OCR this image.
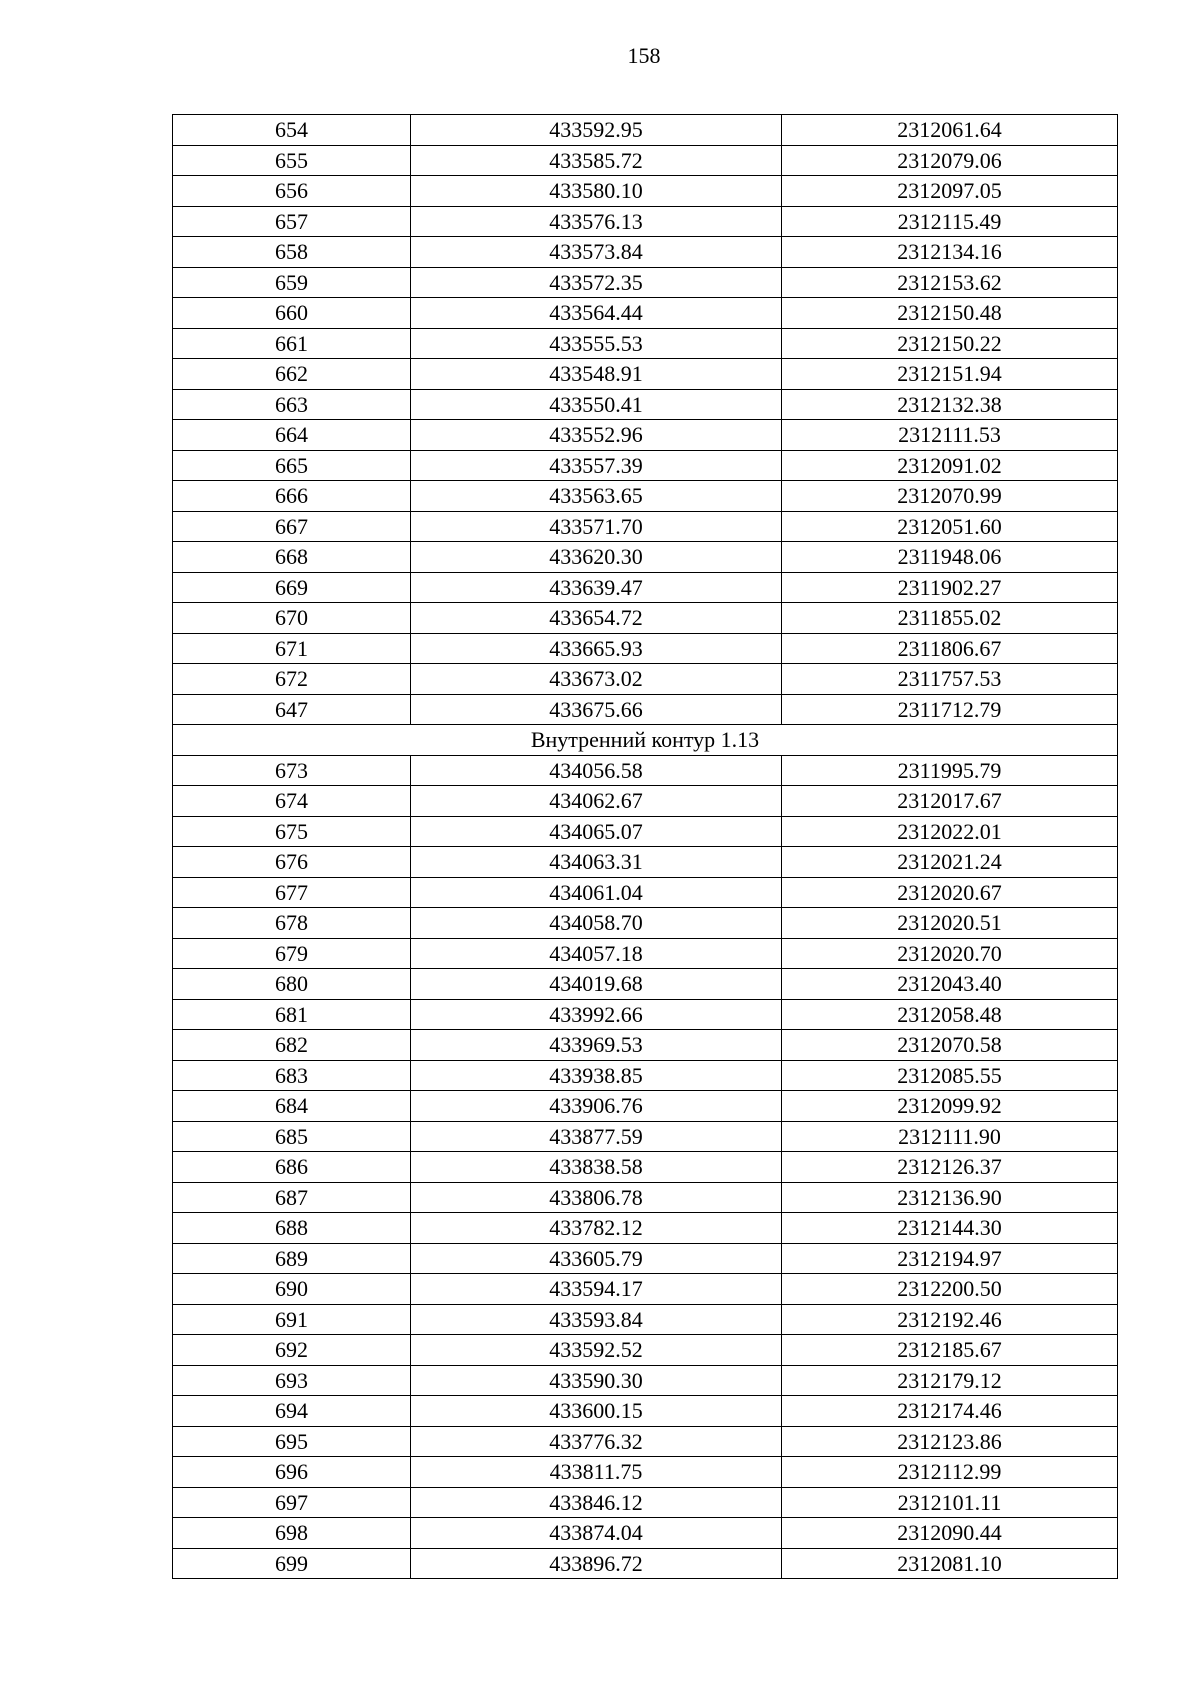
158
654	433592.95	2312061.64
655	433585.72	2312079.06
656	433580.10	2312097.05
657	433576.13	2312115.49
658	433573.84	2312134.16
659	433572.35	2312153.62
660	433564.44	2312150.48
661	433555.53	2312150.22
662	433548.91	2312151.94
663	433550.41	2312132.38
664	433552.96	2312111.53
665	433557.39	2312091.02
666	433563.65	2312070.99
667	433571.70	2312051.60
668	433620.30	2311948.06
669	433639.47	2311902.27
670	433654.72	2311855.02
671	433665.93	2311806.67
672	433673.02	2311757.53
647	433675.66	2311712.79
Внутренний контур 1.13		
673	434056.58	2311995.79
674	434062.67	2312017.67
675	434065.07	2312022.01
676	434063.31	2312021.24
677	434061.04	2312020.67
678	434058.70	2312020.51
679	434057.18	2312020.70
680	434019.68	2312043.40
681	433992.66	2312058.48
682	433969.53	2312070.58
683	433938.85	2312085.55
684	433906.76	2312099.92
685	433877.59	2312111.90
686	433838.58	2312126.37
687	433806.78	2312136.90
688	433782.12	2312144.30
689	433605.79	2312194.97
690	433594.17	2312200.50
691	433593.84	2312192.46
692	433592.52	2312185.67
693	433590.30	2312179.12
694	433600.15	2312174.46
695	433776.32	2312123.86
696	433811.75	2312112.99
697	433846.12	2312101.11
698	433874.04	2312090.44
699	433896.72	2312081.10
